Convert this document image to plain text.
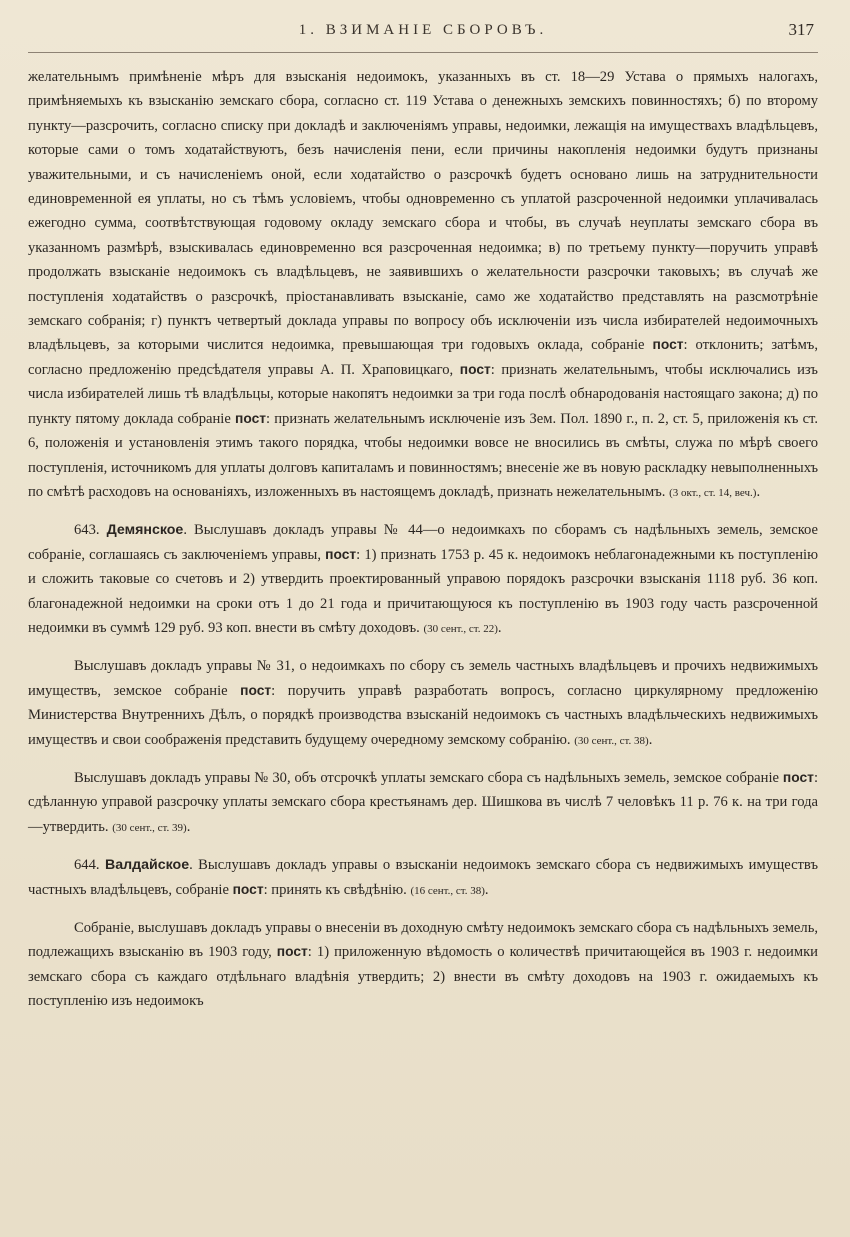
1. ВЗИМАНІЕ СБОРОВЪ.	317

желательнымъ примѣненіе мѣръ для взысканія недоимокъ, указанныхъ въ ст. 18—29 Устава о прямыхъ налогахъ, примѣняемыхъ къ взысканію земскаго сбора, согласно ст. 119 Устава о денежныхъ земскихъ повинностяхъ; б) по второму пункту—разсрочить, согласно списку при докладѣ и заключеніямъ управы, недоимки, лежащія на имуществахъ владѣльцевъ, которые сами о томъ ходатайствуютъ, безъ начисленія пени, если причины накопленія недоимки будутъ признаны уважительными, и съ начисленіемъ оной, если ходатайство о разсрочкѣ будетъ основано лишь на затруднительности единовременной ея уплаты, но съ тѣмъ условіемъ, чтобы одновременно съ уплатой разсроченной недоимки уплачивалась ежегодно сумма, соотвѣтствующая годовому окладу земскаго сбора и чтобы, въ случаѣ неуплаты земскаго сбора въ указанномъ размѣрѣ, взыскивалась единовременно вся разсроченная недоимка; в) по третьему пункту—поручить управѣ продолжать взысканіе недоимокъ съ владѣльцевъ, не заявившихъ о желательности разсрочки таковыхъ; въ случаѣ же поступленія ходатайствъ о разсрочкѣ, пріостанавливать взысканіе, само же ходатайство представлять на разсмотрѣніе земскаго собранія; г) пунктъ четвертый доклада управы по вопросу объ исключеніи изъ числа избирателей недоимочныхъ владѣльцевъ, за которыми числится недоимка, превышающая три годовыхъ оклада, собраніе пост: отклонить; затѣмъ, согласно предложенію предсѣдателя управы А. П. Храповицкаго, пост: признать желательнымъ, чтобы исключались изъ числа избирателей лишь тѣ владѣльцы, которые накопятъ недоимки за три года послѣ обнародованія настоящаго закона; д) по пункту пятому доклада собраніе пост: признать желательнымъ исключеніе изъ Зем. Пол. 1890 г., п. 2, ст. 5, приложенія къ ст. 6, положенія и установленія этимъ такого порядка, чтобы недоимки вовсе не вносились въ смѣты, служа по мѣрѣ своего поступленія, источникомъ для уплаты долговъ капиталамъ и повинностямъ; внесеніе же въ новую раскладку невыполненныхъ по смѣтѣ расходовъ на основаніяхъ, изложенныхъ въ настоящемъ докладѣ, признать нежелательнымъ. (3 окт., ст. 14, веч.).

643. Демянское. Выслушавъ докладъ управы № 44—о недоимкахъ по сборамъ съ надѣльныхъ земель, земское собраніе, соглашаясь съ заключеніемъ управы, пост: 1) признать 1753 р. 45 к. недоимокъ неблагонадежными къ поступленію и сложить таковые со счетовъ и 2) утвердить проектированный управою порядокъ разсрочки взысканія 1118 руб. 36 коп. благонадежной недоимки на сроки отъ 1 до 21 года и причитающуюся къ поступленію въ 1903 году часть разсроченной недоимки въ суммѣ 129 руб. 93 коп. внести въ смѣту доходовъ. (30 сент., ст. 22).

Выслушавъ докладъ управы № 31, о недоимкахъ по сбору съ земель частныхъ владѣльцевъ и прочихъ недвижимыхъ имуществъ, земское собраніе пост: поручить управѣ разработать вопросъ, согласно циркулярному предложенію Министерства Внутреннихъ Дѣлъ, о порядкѣ производства взысканій недоимокъ съ частныхъ владѣльческихъ недвижимыхъ имуществъ и свои соображенія представить будущему очередному земскому собранію. (30 сент., ст. 38).

Выслушавъ докладъ управы № 30, объ отсрочкѣ уплаты земскаго сбора съ надѣльныхъ земель, земское собраніе пост: сдѣланную управой разсрочку уплаты земскаго сбора крестьянамъ дер. Шишкова въ числѣ 7 человѣкъ 11 р. 76 к. на три года—утвердить. (30 сент., ст. 39).

644. Валдайское. Выслушавъ докладъ управы о взысканіи недоимокъ земскаго сбора съ недвижимыхъ имуществъ частныхъ владѣльцевъ, собраніе пост: принять къ свѣдѣнію. (16 сент., ст. 38).

Собраніе, выслушавъ докладъ управы о внесеніи въ доходную смѣту недоимокъ земскаго сбора съ надѣльныхъ земель, подлежащихъ взысканію въ 1903 году, пост: 1) приложенную вѣдомость о количествѣ причитающейся въ 1903 г. недоимки земскаго сбора съ каждаго отдѣльнаго владѣнія утвердить; 2) внести въ смѣту доходовъ на 1903 г. ожидаемыхъ къ поступленію изъ недоимокъ
